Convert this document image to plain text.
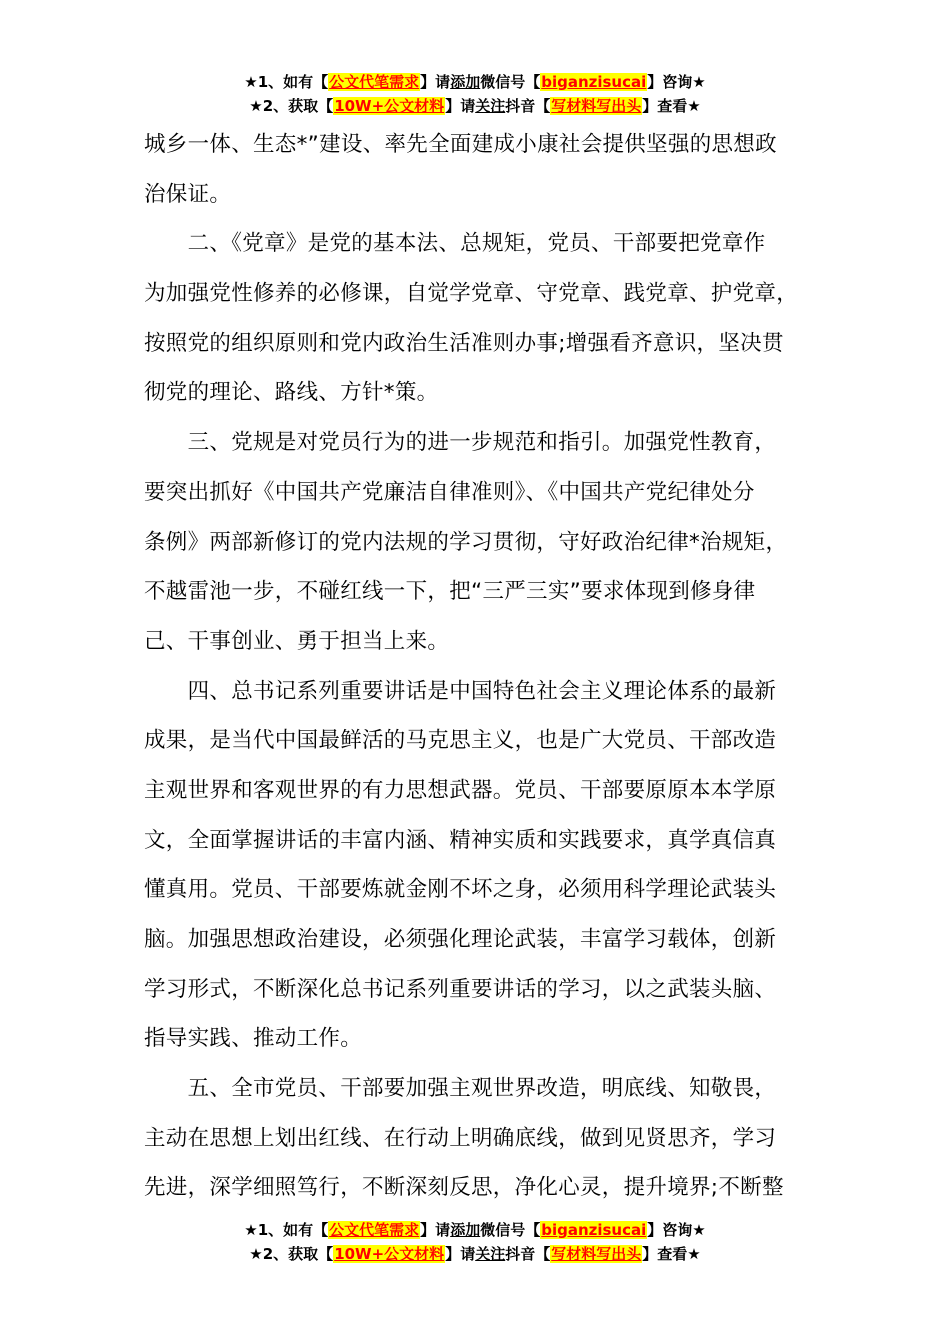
★1、如有【公文代笔需求】请添加微信号【biganzisucai】咨询★
★2、获取【10W+公文材料】请关注抖音【写材料写出头】查看★
城乡一体、生态*”建设、率先全面建成小康社会提供坚强的思想政
治保证。
　　二、《党章》是党的基本法、总规矩，党员、干部要把党章作
为加强党性修养的必修课，自觉学党章、守党章、践党章、护党章，
按照党的组织原则和党内政治生活准则办事;增强看齐意识，坚决贯
彻党的理论、路线、方针*策。
　　三、党规是对党员行为的进一步规范和指引。加强党性教育，
要突出抓好《中国共产党廉洁自律准则》、《中国共产党纪律处分
条例》两部新修订的党内法规的学习贯彻，守好政治纪律*治规矩，
不越雷池一步，不碰红线一下，把“三严三实”要求体现到修身律
己、干事创业、勇于担当上来。
　　四、总书记系列重要讲话是中国特色社会主义理论体系的最新
成果，是当代中国最鲜活的马克思主义，也是广大党员、干部改造
主观世界和客观世界的有力思想武器。党员、干部要原原本本学原
文，全面掌握讲话的丰富内涵、精神实质和实践要求，真学真信真
懂真用。党员、干部要炼就金刚不坏之身，必须用科学理论武装头
脑。加强思想政治建设，必须强化理论武装，丰富学习载体，创新
学习形式，不断深化总书记系列重要讲话的学习，以之武装头脑、
指导实践、推动工作。
　　五、全市党员、干部要加强主观世界改造，明底线、知敬畏，
主动在思想上划出红线、在行动上明确底线，做到见贤思齐，学习
先进，深学细照笃行，不断深刻反思，净化心灵，提升境界;不断整
★1、如有【公文代笔需求】请添加微信号【biganzisucai】咨询★
★2、获取【10W+公文材料】请关注抖音【写材料写出头】查看★
